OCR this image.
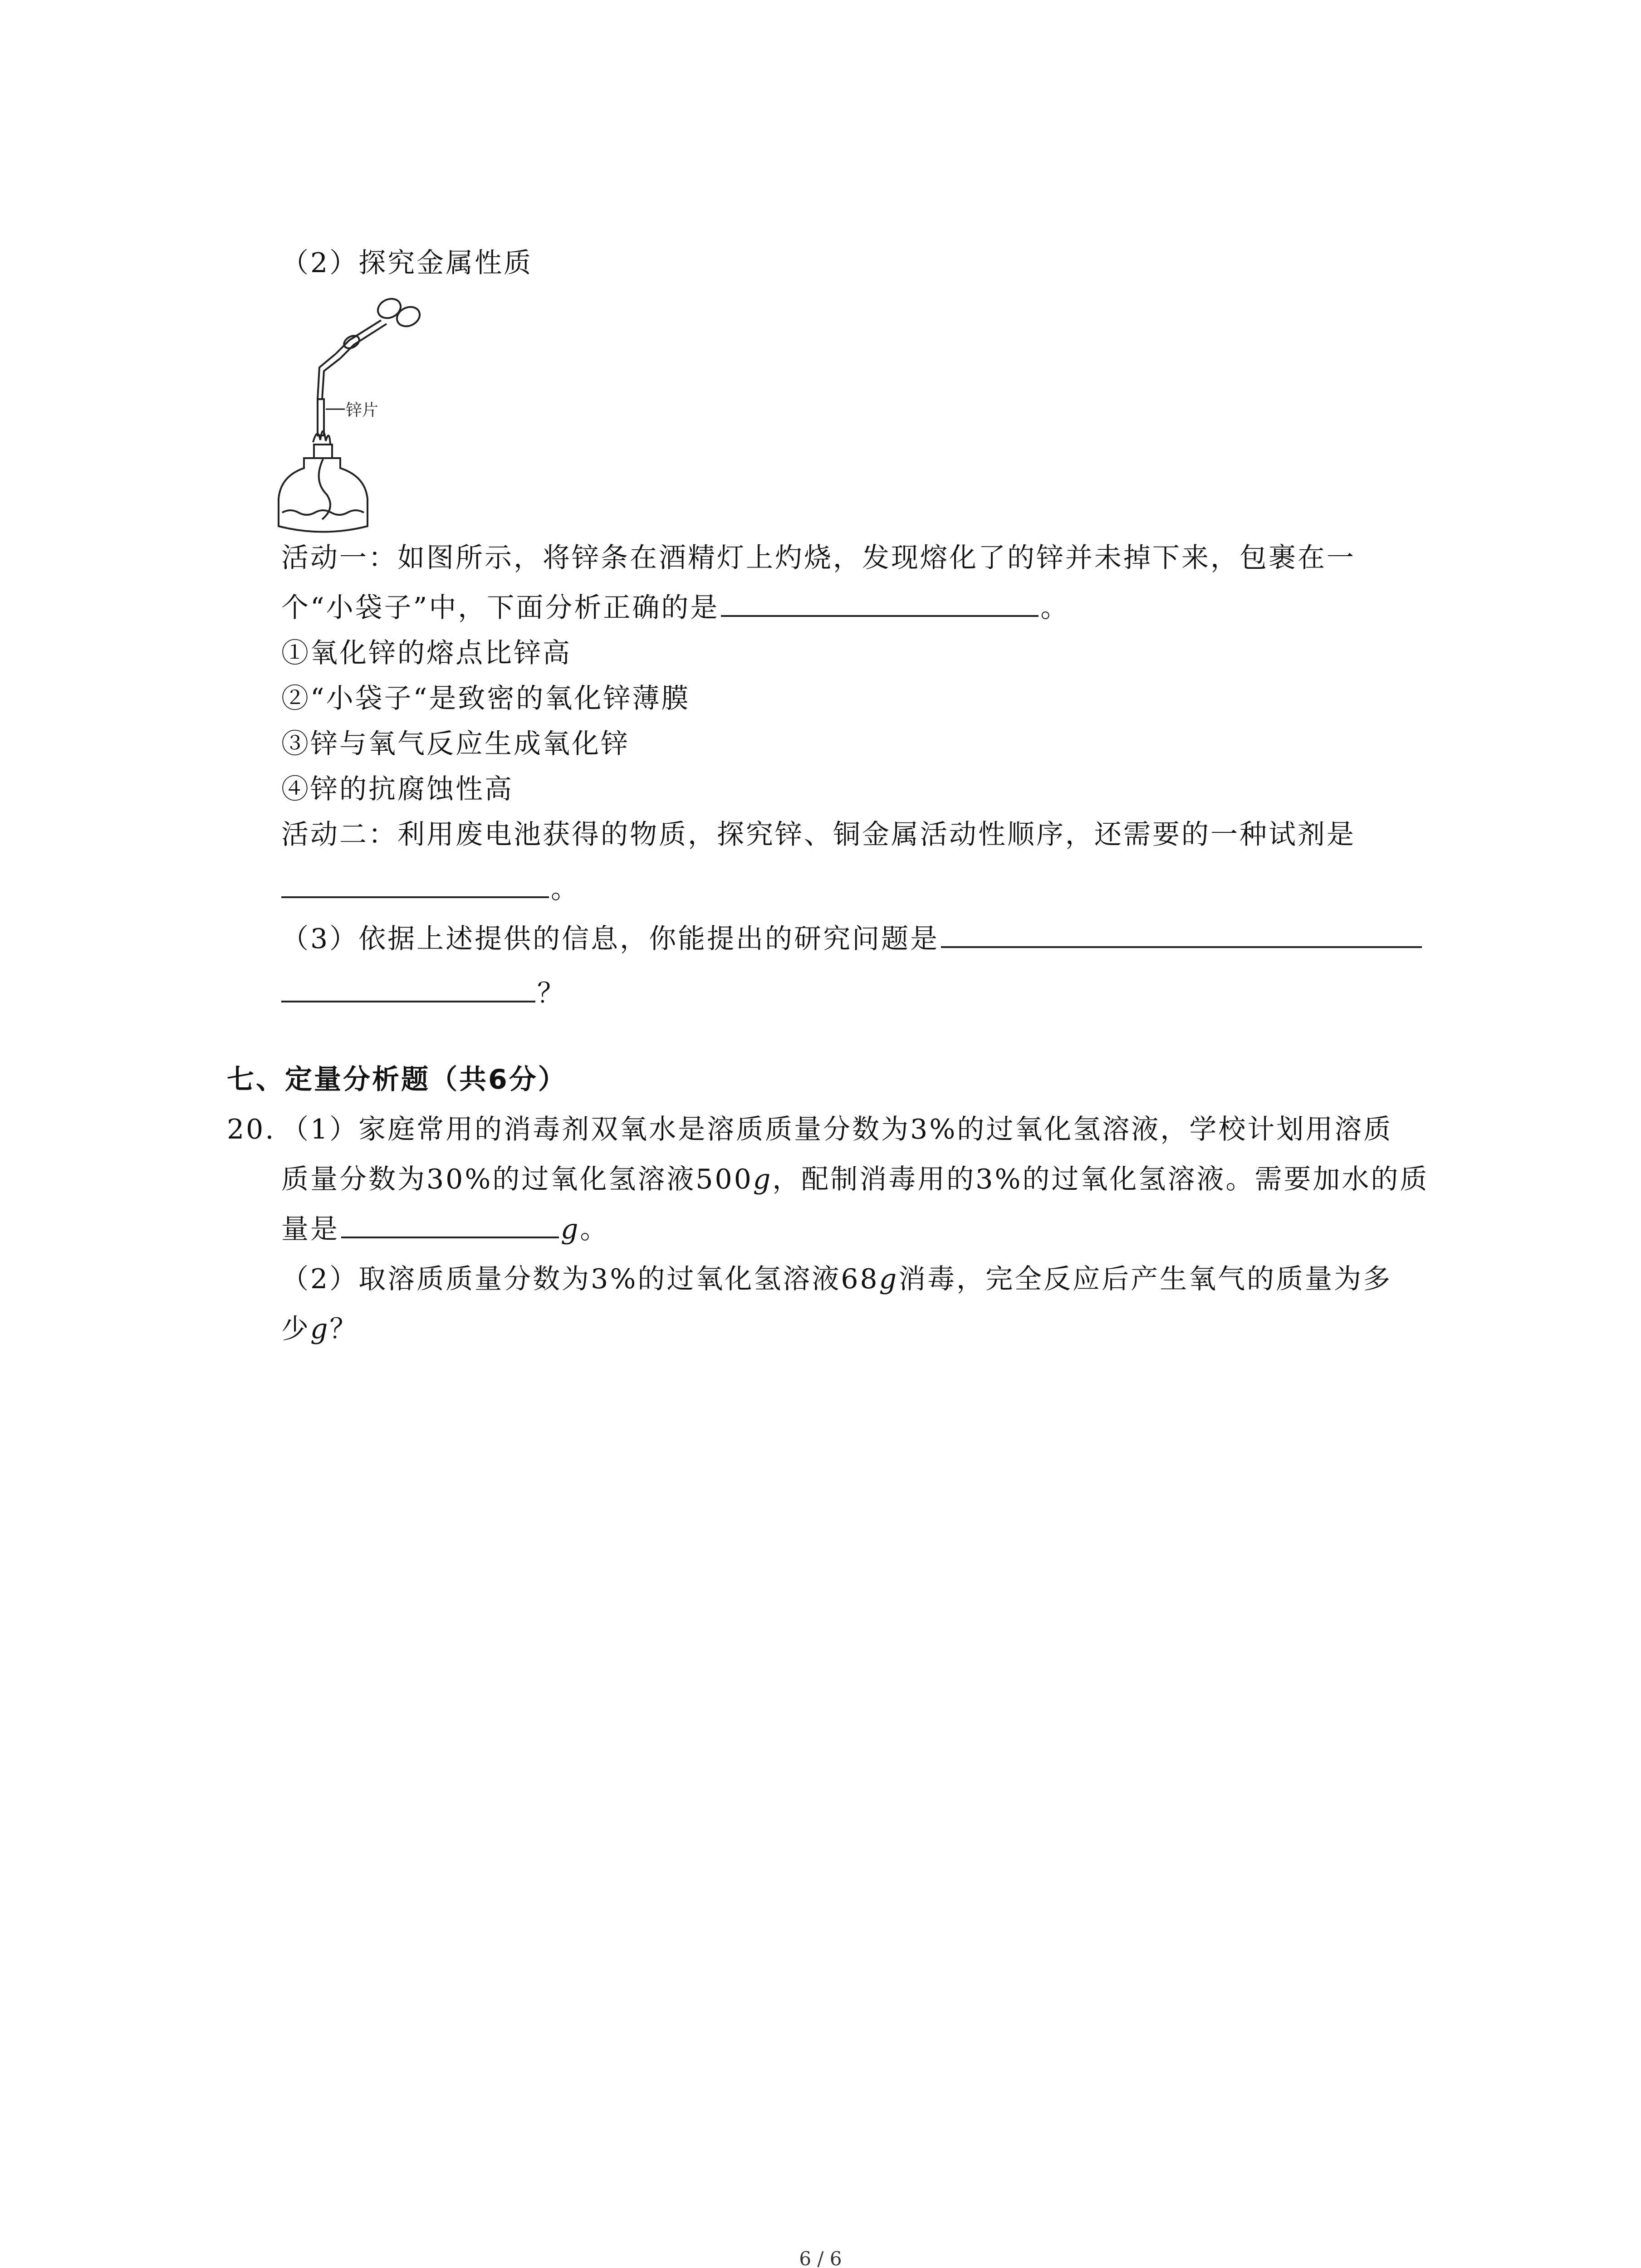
（2）探究金属性质
锌片
活动一：如图所示，将锌条在酒精灯上灼烧，发现熔化了的锌并未掉下来，包裹在一
个“小袋子”中，下面分析正确的是	。
①氧化锌的熔点比锌高
②“小袋子“是致密的氧化锌薄膜
③锌与氧气反应生成氧化锌
④锌的抗腐蚀性高
活动二：利用废电池获得的物质，探究锌、铜金属活动性顺序，还需要的一种试剂是
。
（3）依据上述提供的信息，你能提出的研究问题是
？
七、定量分析题（共6分）
20. （1）家庭常用的消毒剂双氧水是溶质质量分数为3%的过氧化氢溶液，学校计划用溶质
质量分数为30%的过氧化氢溶液500g，配制消毒用的3%的过氧化氢溶液。需要加水的质
量是	g。
（2）取溶质质量分数为3%的过氧化氢溶液68g消毒，完全反应后产生氧气的质量为多
少g？
6 / 6
